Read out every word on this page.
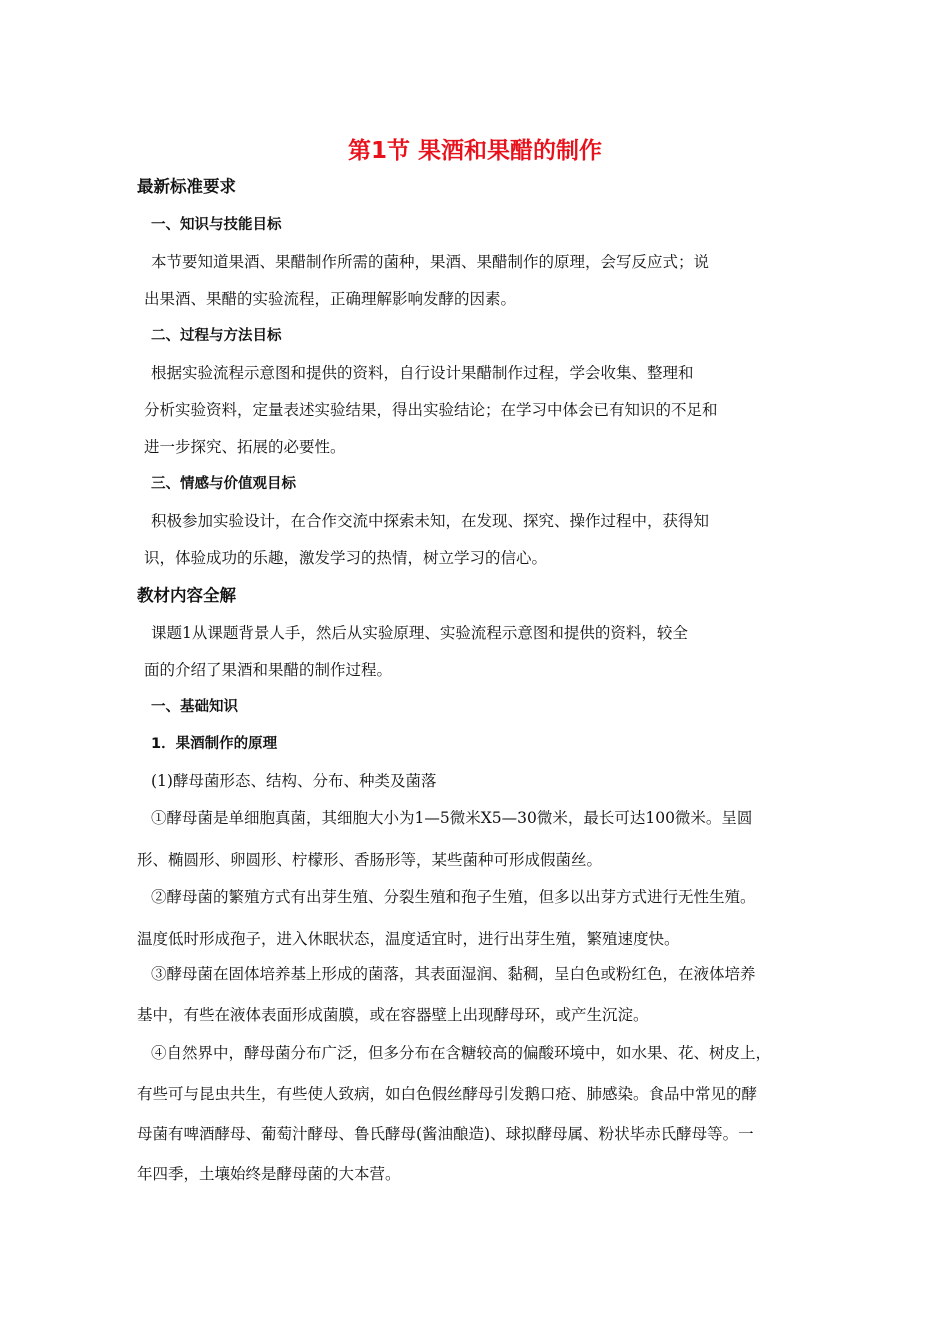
第1节 果酒和果醋的制作
最新标准要求
一、知识与技能目标
本节要知道果酒、果醋制作所需的菌种，果酒、果醋制作的原理，会写反应式；说
出果酒、果醋的实验流程，正确理解影响发酵的因素。
二、过程与方法目标
根据实验流程示意图和提供的资料，自行设计果醋制作过程，学会收集、整理和
分析实验资料，定量表述实验结果，得出实验结论；在学习中体会已有知识的不足和
进一步探究、拓展的必要性。
三、情感与价值观目标
积极参加实验设计，在合作交流中探索未知，在发现、探究、操作过程中，获得知
识，体验成功的乐趣，激发学习的热情，树立学习的信心。
教材内容全解
课题1从课题背景人手，然后从实验原理、实验流程示意图和提供的资料，较全
面的介绍了果酒和果醋的制作过程。
一、基础知识
1．果酒制作的原理
(1)酵母菌形态、结构、分布、种类及菌落
①酵母菌是单细胞真菌，其细胞大小为1—5微米X5—30微米，最长可达100微米。呈圆
形、椭圆形、卵圆形、柠檬形、香肠形等，某些菌种可形成假菌丝。
②酵母菌的繁殖方式有出芽生殖、分裂生殖和孢子生殖，但多以出芽方式进行无性生殖。
温度低时形成孢子，进入休眠状态，温度适宜时，进行出芽生殖，繁殖速度快。
③酵母菌在固体培养基上形成的菌落，其表面湿润、黏稠，呈白色或粉红色，在液体培养
基中，有些在液体表面形成菌膜，或在容器壁上出现酵母环，或产生沉淀。
④自然界中，酵母菌分布广泛，但多分布在含糖较高的偏酸环境中，如水果、花、树皮上，
有些可与昆虫共生，有些使人致病，如白色假丝酵母引发鹅口疮、肺感染。食品中常见的酵
母菌有啤酒酵母、葡萄汁酵母、鲁氏酵母(酱油酿造)、球拟酵母属、粉状毕赤氏酵母等。一
年四季，土壤始终是酵母菌的大本营。
